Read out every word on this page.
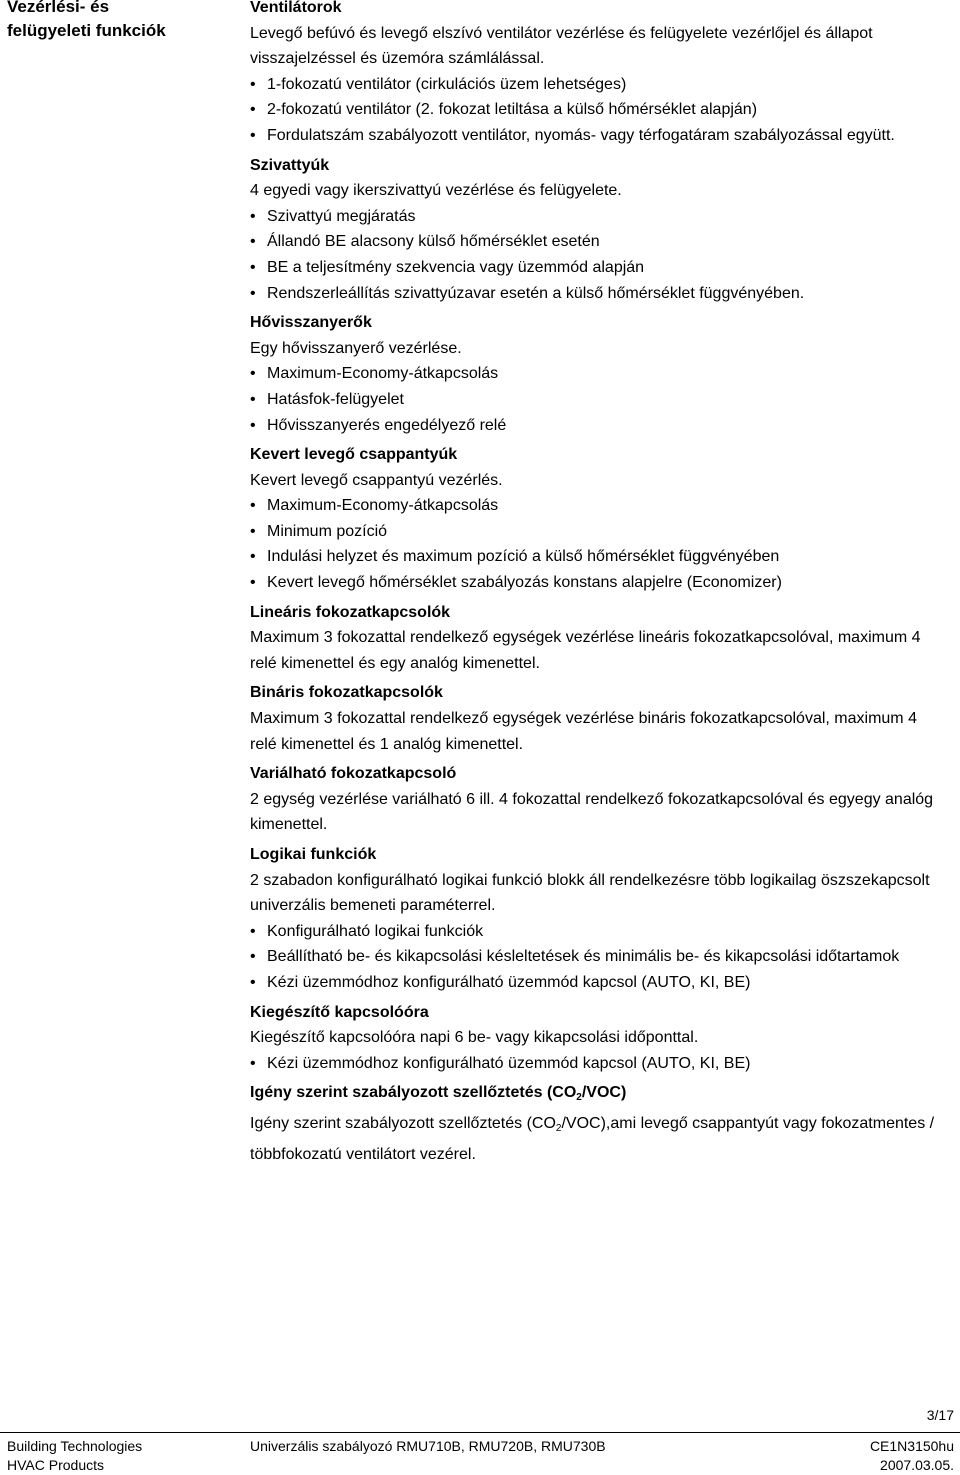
Vezérlési- és
felügyeleti funkciók
Ventilátorok
Levegő befúvó és levegő elszívó ventilátor vezérlése és felügyelete vezérlőjel és állapot visszajelzéssel és üzemóra számlálással.
• 1-fokozatú ventilátor (cirkulációs üzem lehetséges)
• 2-fokozatú ventilátor (2. fokozat letiltása a külső hőmérséklet alapján)
• Fordulatszám szabályozott ventilátor, nyomás- vagy térfogatáram szabályozással együtt.
Szivattyúk
4 egyedi vagy ikerszivattyú vezérlése és felügyelete.
• Szivattyú megjáratás
• Állandó BE alacsony külső hőmérséklet esetén
• BE a teljesítmény szekvencia vagy üzemmód alapján
• Rendszerleállítás szivattyúzavar esetén a külső hőmérséklet függvényében.
Hővisszanyerők
Egy hővisszanyerő vezérlése.
• Maximum-Economy-átkapcsolás
• Hatásfok-felügyelet
• Hővisszanyerés engedélyező relé
Kevert levegő csappantyúk
Kevert levegő csappantyú vezérlés.
• Maximum-Economy-átkapcsolás
• Minimum pozíció
• Indulási helyzet és maximum pozíció a külső hőmérséklet függvényében
• Kevert levegő hőmérséklet szabályozás konstans alapjelre (Economizer)
Lineáris fokozatkapcsolók
Maximum 3 fokozattal rendelkező egységek vezérlése lineáris fokozatkapcsolóval, maximum 4 relé kimenettel és egy analóg kimenettel.
Bináris fokozatkapcsolók
Maximum 3 fokozattal rendelkező egységek vezérlése bináris fokozatkapcsolóval, maximum 4 relé kimenettel és 1 analóg kimenettel.
Variálható fokozatkapcsoló
2 egység vezérlése variálható 6 ill. 4 fokozattal rendelkező fokozatkapcsolóval és egyegy analóg kimenettel.
Logikai funkciók
2 szabadon konfigurálható logikai funkció blokk áll rendelkezésre több logikailag öszszekapcsolt univerzális bemeneti paraméterrel.
• Konfigurálható logikai funkciók
• Beállítható be- és kikapcsolási késleltetések és minimális be- és kikapcsolási időtartamok
• Kézi üzemmódhoz konfigurálható üzemmód kapcsol (AUTO, KI, BE)
Kiegészítő kapcsolóóra
Kiegészítő kapcsolóóra napi 6 be- vagy kikapcsolási időponttal.
• Kézi üzemmódhoz konfigurálható üzemmód kapcsol (AUTO, KI, BE)
Igény szerint szabályozott szellőztetés $(CO_2/VOC)$
Igény szerint szabályozott szellőztetés $(CO_2/VOC),ami$ levegő csappantyút vagy fokozatmentes / többfokozatú ventilátort vezérel.
3/17
Building Technologies
HVAC Products
Univerzális szabályozó RMU710B, RMU720B, RMU730B	CE1N3150hu
2007.03.05.
